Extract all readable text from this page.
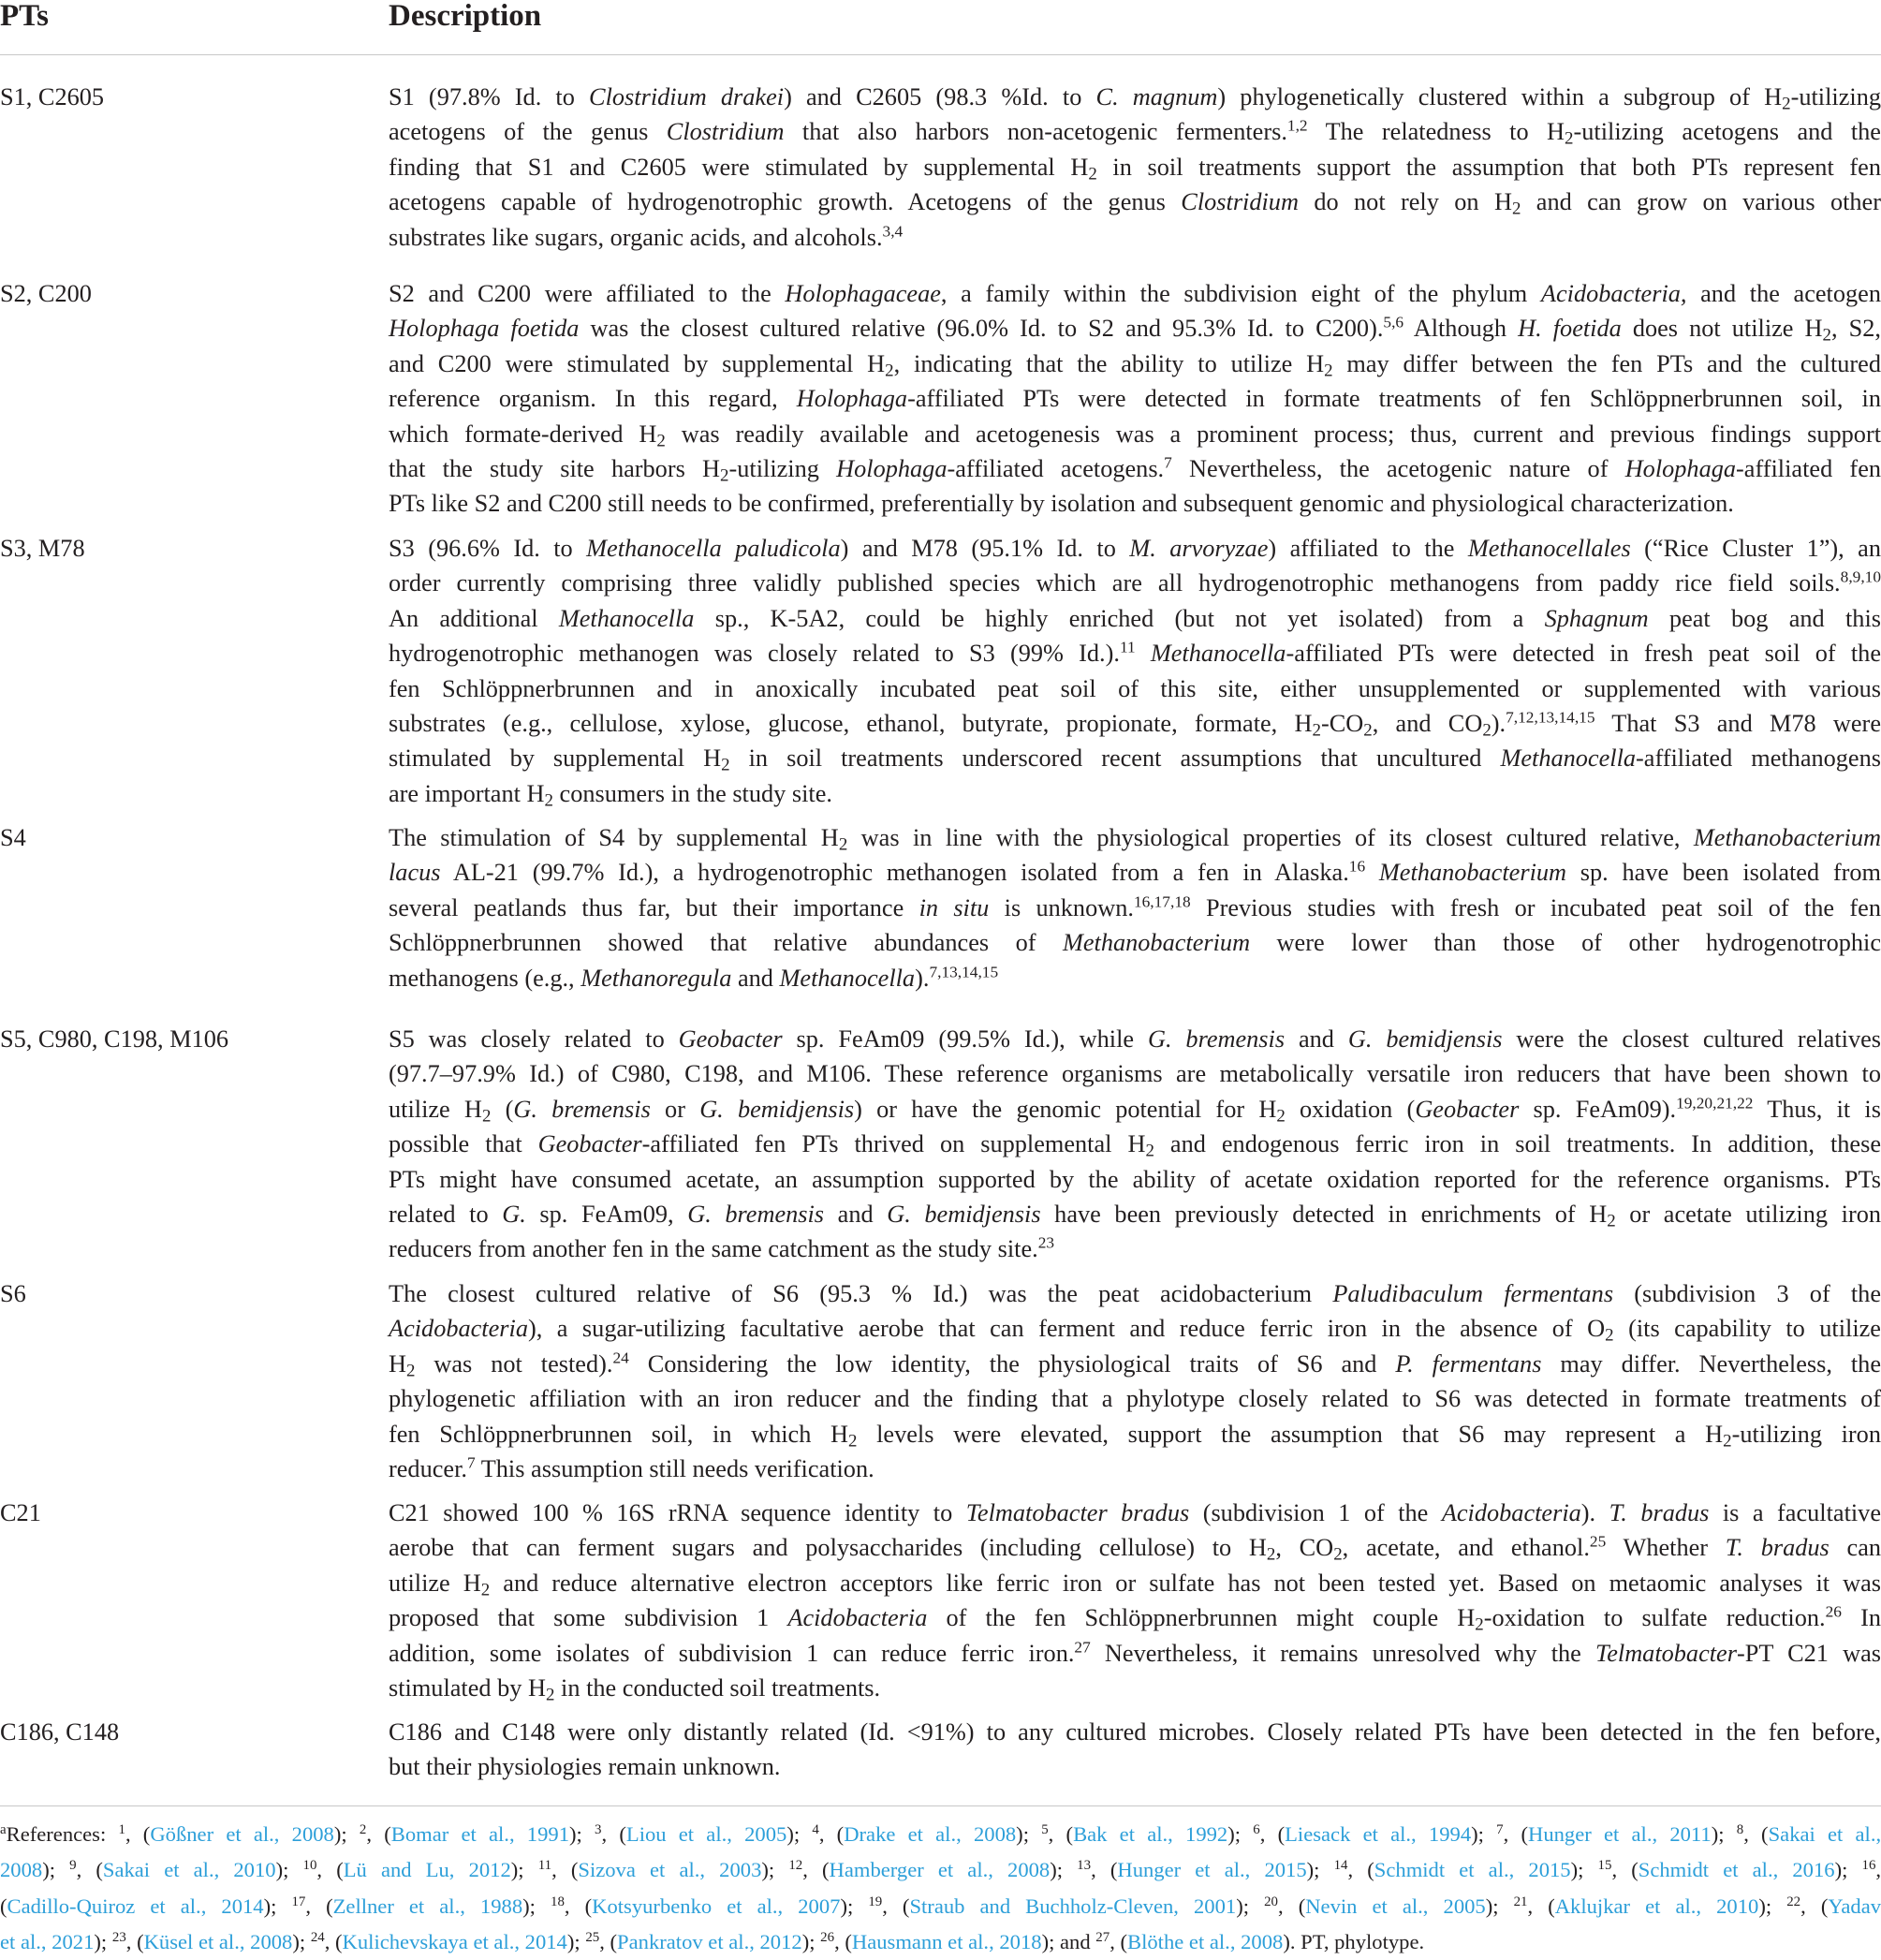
PTs	Description
S1, C2605	S1 (97.8% Id. to Clostridium drakei) and C2605 (98.3 %Id. to C. magnum) phylogenetically clustered within a subgroup of $H_2$-utilizing
acetogens of the genus Clostridium that also harbors non-acetogenic fermenters.$^{1,2}$ The relatedness to $H_2$-utilizing acetogens and the
finding that S1 and C2605 were stimulated by supplemental $H_2$ in soil treatments support the assumption that both PTs represent fen
acetogens capable of hydrogenotrophic growth. Acetogens of the genus Clostridium do not rely on $H_2$ and can grow on various other
substrates like sugars, organic acids, and alcohols.$^{3,4}$
S2, C200	S2 and C200 were affiliated to the Holophagaceae, a family within the subdivision eight of the phylum Acidobacteria, and the acetogen
Holophaga foetida was the closest cultured relative (96.0% Id. to S2 and 95.3% Id. to C200).$^{5,6}$ Although H. foetida does not utilize $H_2$, S2,
and C200 were stimulated by supplemental $H_2$, indicating that the ability to utilize $H_2$ may differ between the fen PTs and the cultured
reference organism. In this regard, Holophaga-affiliated PTs were detected in formate treatments of fen Schlöppnerbrunnen soil, in
which formate-derived $H_2$ was readily available and acetogenesis was a prominent process; thus, current and previous findings support
that the study site harbors $H_2$-utilizing Holophaga-affiliated acetogens.$^7$ Nevertheless, the acetogenic nature of Holophaga-affiliated fen
PTs like S2 and C200 still needs to be confirmed, preferentially by isolation and subsequent genomic and physiological characterization.
S3, M78	S3 (96.6% Id. to Methanocella paludicola) and M78 (95.1% Id. to M. arvoryzae) affiliated to the Methanocellales (“Rice Cluster 1”), an
order currently comprising three validly published species which are all hydrogenotrophic methanogens from paddy rice field soils.$^{8,9,10}$
An additional Methanocella sp., K-5A2, could be highly enriched (but not yet isolated) from a Sphagnum peat bog and this
hydrogenotrophic methanogen was closely related to S3 (99% Id.).$^{11}$ Methanocella-affiliated PTs were detected in fresh peat soil of the
fen Schlöppnerbrunnen and in anoxically incubated peat soil of this site, either unsupplemented or supplemented with various
substrates (e.g., cellulose, xylose, glucose, ethanol, butyrate, propionate, formate, $H_2-CO_2$, and $CO_2).^{7,12,13,14,15}$ That S3 and M78 were
stimulated by supplemental $H_2$ in soil treatments underscored recent assumptions that uncultured Methanocella-affiliated methanogens
are important $H_2$ consumers in the study site.
S4	The stimulation of S4 by supplemental $H_2$ was in line with the physiological properties of its closest cultured relative, Methanobacterium
lacus AL-21 (99.7% Id.), a hydrogenotrophic methanogen isolated from a fen in Alaska.$^{16}$ Methanobacterium sp. have been isolated from
several peatlands thus far, but their importance in situ is unknown.$^{16,17,18}$ Previous studies with fresh or incubated peat soil of the fen
Schlöppnerbrunnen showed that relative abundances of Methanobacterium were lower than those of other hydrogenotrophic
methanogens (e.g., Methanoregula and Methanocella).$^{7,13,14,15}$
S5, C980, C198, M106	S5 was closely related to Geobacter sp. FeAm09 (99.5% Id.), while G. bremensis and G. bemidjensis were the closest cultured relatives
(97.7–97.9% Id.) of C980, C198, and M106. These reference organisms are metabolically versatile iron reducers that have been shown to
utilize $H_2$ (G. bremensis or G. bemidjensis) or have the genomic potential for $H_2$ oxidation (Geobacter sp. FeAm09).$^{19,20,21,22}$ Thus, it is
possible that Geobacter-affiliated fen PTs thrived on supplemental $H_2$ and endogenous ferric iron in soil treatments. In addition, these
PTs might have consumed acetate, an assumption supported by the ability of acetate oxidation reported for the reference organisms. PTs
related to G. sp. FeAm09, G. bremensis and G. bemidjensis have been previously detected in enrichments of $H_2$ or acetate utilizing iron
reducers from another fen in the same catchment as the study site.$^{23}$
S6	The closest cultured relative of S6 (95.3 % Id.) was the peat acidobacterium Paludibaculum fermentans (subdivision 3 of the
Acidobacteria), a sugar-utilizing facultative aerobe that can ferment and reduce ferric iron in the absence of $O_2$ (its capability to utilize
$H_2$ was not tested).$^{24}$ Considering the low identity, the physiological traits of S6 and P. fermentans may differ. Nevertheless, the
phylogenetic affiliation with an iron reducer and the finding that a phylotype closely related to S6 was detected in formate treatments of
fen Schlöppnerbrunnen soil, in which $H_2$ levels were elevated, support the assumption that S6 may represent a $H_2$-utilizing iron
reducer.$^7$ This assumption still needs verification.
C21	C21 showed 100 % 16S rRNA sequence identity to Telmatobacter bradus (subdivision 1 of the Acidobacteria). T. bradus is a facultative
aerobe that can ferment sugars and polysaccharides (including cellulose) to $H_2$, $CO_2$, acetate, and ethanol.$^{25}$ Whether T. bradus can
utilize $H_2$ and reduce alternative electron acceptors like ferric iron or sulfate has not been tested yet. Based on metaomic analyses it was
proposed that some subdivision 1 Acidobacteria of the fen Schlöppnerbrunnen might couple $H_2$-oxidation to sulfate reduction.$^{26}$ In
addition, some isolates of subdivision 1 can reduce ferric iron.$^{27}$ Nevertheless, it remains unresolved why the Telmatobacter-PT C21 was
stimulated by $H_2$ in the conducted soil treatments.
C186, C148	C186 and C148 were only distantly related (Id. <91%) to any cultured microbes. Closely related PTs have been detected in the fen before,
but their physiologies remain unknown.
$^a$References: $^1$, (Gößner et al., 2008); $^2$, (Bomar et al., 1991); $^3$, (Liou et al., 2005); $^4$, (Drake et al., 2008); $^5$, (Bak et al., 1992); $^6$, (Liesack et al., 1994); $^7$, (Hunger et al., 2011); $^8$, (Sakai et al.,
2008); $^9$, (Sakai et al., 2010); $^{10}$, (Lü and Lu, 2012); $^{11}$, (Sizova et al., 2003); $^{12}$, (Hamberger et al., 2008); $^{13}$, (Hunger et al., 2015); $^{14}$, (Schmidt et al., 2015); $^{15}$, (Schmidt et al., 2016); $^{16}$,
(Cadillo-Quiroz et al., 2014); $^{17}$, (Zellner et al., 1988); $^{18}$, (Kotsyurbenko et al., 2007); $^{19}$, (Straub and Buchholz-Cleven, 2001); $^{20}$, (Nevin et al., 2005); $^{21}$, (Aklujkar et al., 2010); $^{22}$, (Yadav
et al., 2021); $^{23}$, (Küsel et al., 2008); $^{24}$, (Kulichevskaya et al., 2014); $^{25}$, (Pankratov et al., 2012); $^{26}$, (Hausmann et al., 2018); and $^{27}$, (Blöthe et al., 2008). PT, phylotype.
